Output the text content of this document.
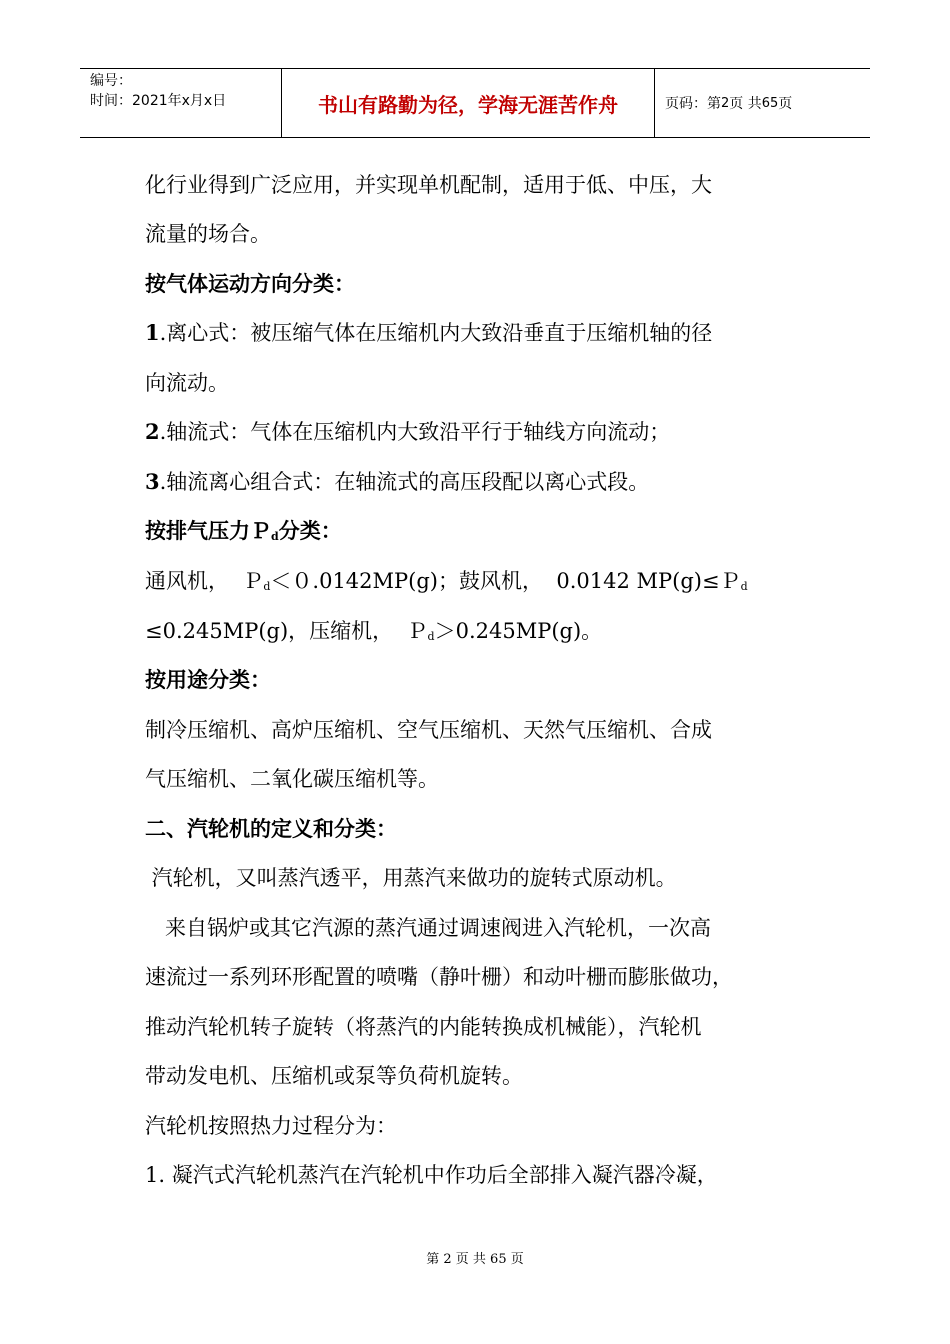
编号：
时间：2021年x月x日	书山有路勤为径，学海无涯苦作舟	页码：第 2 页 共 65 页
化行业得到广泛应用，并实现单机配制，适用于低、中压，大
流量的场合。
按气体运动方向分类：
1.离心式：被压缩气体在压缩机内大致沿垂直于压缩机轴的径
向流动。
2.轴流式：气体在压缩机内大致沿平行于轴线方向流动；
3.轴流离心组合式：在轴流式的高压段配以离心式段。
按排气压力Ｐd分类：
通风机，  Ｐd＜０.0142MP(g)；鼓风机，  0.0142 MP(g)≤Ｐd
≤0.245MP(g)，压缩机，  Ｐd＞0.245MP(g)。
按用途分类：
制冷压缩机、高炉压缩机、空气压缩机、天然气压缩机、合成
气压缩机、二氧化碳压缩机等。
二、汽轮机的定义和分类：
汽轮机，又叫蒸汽透平，用蒸汽来做功的旋转式原动机。
来自锅炉或其它汽源的蒸汽通过调速阀进入汽轮机，一次高
速流过一系列环形配置的喷嘴（静叶栅）和动叶栅而膨胀做功，
推动汽轮机转子旋转（将蒸汽的内能转换成机械能），汽轮机
带动发电机、压缩机或泵等负荷机旋转。
汽轮机按照热力过程分为：
1. 凝汽式汽轮机蒸汽在汽轮机中作功后全部排入凝汽器冷凝，
第 2 页 共 65 页
